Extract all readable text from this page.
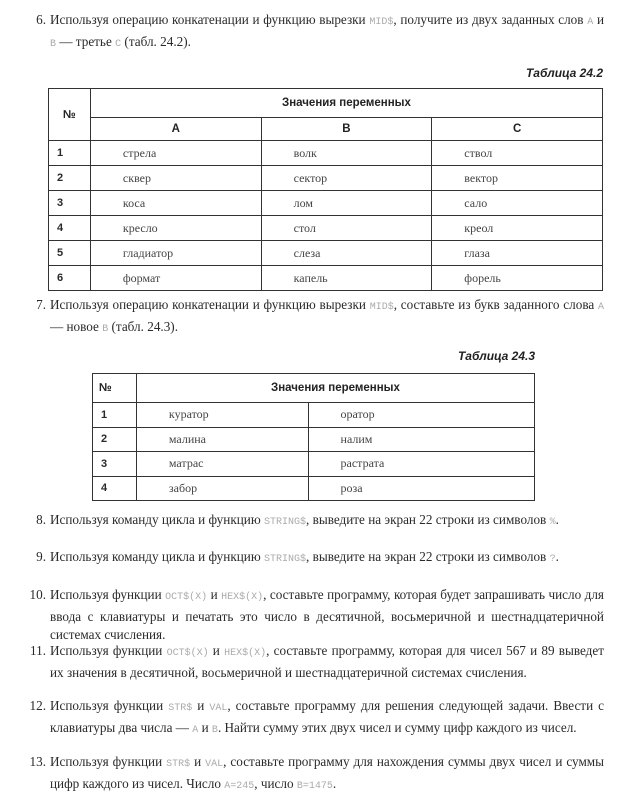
6. Используя операцию конкатенации и функцию вырезки MID$, получите из двух заданных слов A и B — третье C (табл. 24.2).
Таблица 24.2
№	Значения переменных		
	A	B	C
1	стрела	волк	ствол
2	сквер	сектор	вектор
3	коса	лом	сало
4	кресло	стол	креол
5	гладиатор	слеза	глаза
6	формат	капель	форель
7. Используя операцию конкатенации и функцию вырезки MID$, составьте из букв заданного слова A — новое B (табл. 24.3).
Таблица 24.3
№	Значения переменных	
1	куратор	оратор
2	малина	налим
3	матрас	растрата
4	забор	роза
8. Используя команду цикла и функцию STRING$, выведите на экран 22 строки из символов %.
9. Используя команду цикла и функцию STRING$, выведите на экран 22 строки из символов ?.
10. Используя функции OCT$(X) и HEX$(X), составьте программу, которая будет запрашивать число для ввода с клавиатуры и печатать это число в десятичной, восьмеричной и шестнадцатеричной системах счисления.
11. Используя функции OCT$(X) и HEX$(X), составьте программу, которая для чисел 567 и 89 выведет их значения в десятичной, восьмеричной и шестнадцатеричной системах счисления.
12. Используя функции STR$ и VAL, составьте программу для решения следующей задачи. Ввести с клавиатуры два числа — A и B. Найти сумму этих двух чисел и сумму цифр каждого из чисел.
13. Используя функции STR$ и VAL, составьте программу для нахождения суммы двух чисел и суммы цифр каждого из чисел. Число A=245, число B=1475.
